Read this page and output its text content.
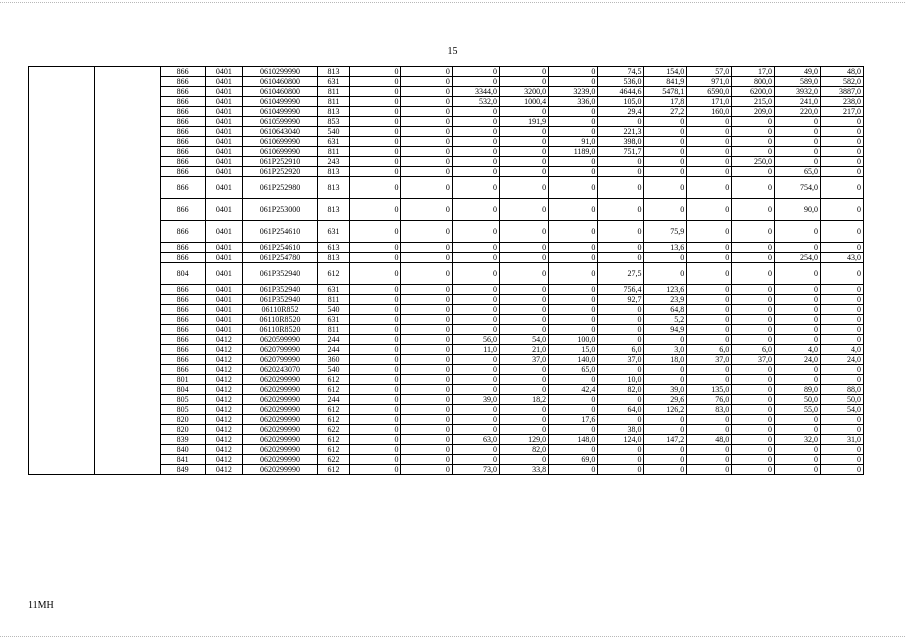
15
		866	0401	0610299990	813	0	0	0	0	0	74,5	154,0	57,0	17,0	49,0	48,0
		866	0401	0610460800	631	0	0	0	0	0	536,0	841,9	971,0	800,0	589,0	582,0
		866	0401	0610460800	811	0	0	3344,0	3200,0	3239,0	4644,6	5478,1	6590,0	6200,0	3932,0	3887,0
		866	0401	0610499990	811	0	0	532,0	1000,4	336,0	105,0	17,8	171,0	215,0	241,0	238,0
		866	0401	0610499990	813	0	0	0	0	0	29,4	27,2	160,0	209,0	220,0	217,0
		866	0401	0610599990	853	0	0	0	191,9	0	0	0	0	0	0	0
		866	0401	0610643040	540	0	0	0	0	0	221,3	0	0	0	0	0
		866	0401	0610699990	631	0	0	0	0	91,0	398,0	0	0	0	0	0
		866	0401	0610699990	811	0	0	0	0	1189,0	751,7	0	0	0	0	0
		866	0401	061P252910	243	0	0	0	0	0	0	0	0	250,0	0	0
		866	0401	061P252920	813	0	0	0	0	0	0	0	0	0	65,0	0
		866	0401	061P252980	813	0	0	0	0	0	0	0	0	0	754,0	0
		866	0401	061P253000	813	0	0	0	0	0	0	0	0	0	90,0	0
		866	0401	061P254610	631	0	0	0	0	0	0	75,9	0	0	0	0
		866	0401	061P254610	613	0	0	0	0	0	0	13,6	0	0	0	0
		866	0401	061P254780	813	0	0	0	0	0	0	0	0	0	254,0	43,0
		804	0401	061P352940	612	0	0	0	0	0	27,5	0	0	0	0	0
		866	0401	061P352940	631	0	0	0	0	0	756,4	123,6	0	0	0	0
		866	0401	061P352940	811	0	0	0	0	0	92,7	23,9	0	0	0	0
		866	0401	06110R852	540	0	0	0	0	0	0	64,8	0	0	0	0
		866	0401	06110R8520	631	0	0	0	0	0	0	5,2	0	0	0	0
		866	0401	06110R8520	811	0	0	0	0	0	0	94,9	0	0	0	0
		866	0412	0620599990	244	0	0	56,0	54,0	100,0	0	0	0	0	0	0
		866	0412	0620799990	244	0	0	11,0	21,0	15,0	6,0	3,0	6,0	6,0	4,0	4,0
		866	0412	0620799990	360	0	0	0	37,0	140,0	37,0	18,0	37,0	37,0	24,0	24,0
		866	0412	0620243070	540	0	0	0	0	65,0	0	0	0	0	0	0
		801	0412	0620299990	612	0	0	0	0	0	10,0	0	0	0	0	0
		804	0412	0620299990	612	0	0	0	0	42,4	82,0	39,0	135,0	0	89,0	88,0
		805	0412	0620299990	244	0	0	39,0	18,2	0	0	29,6	76,0	0	50,0	50,0
		805	0412	0620299990	612	0	0	0	0	0	64,0	126,2	83,0	0	55,0	54,0
		820	0412	0620299990	612	0	0	0	0	17,6	0	0	0	0	0	0
		820	0412	0620299990	622	0	0	0	0	0	38,0	0	0	0	0	0
		839	0412	0620299990	612	0	0	63,0	129,0	148,0	124,0	147,2	48,0	0	32,0	31,0
		840	0412	0620299990	612	0	0	0	82,0	0	0	0	0	0	0	0
		841	0412	0620299990	622	0	0	0	0	69,0	0	0	0	0	0	0
		849	0412	0620299990	612	0	0	73,0	33,8	0	0	0	0	0	0	0
11МН
